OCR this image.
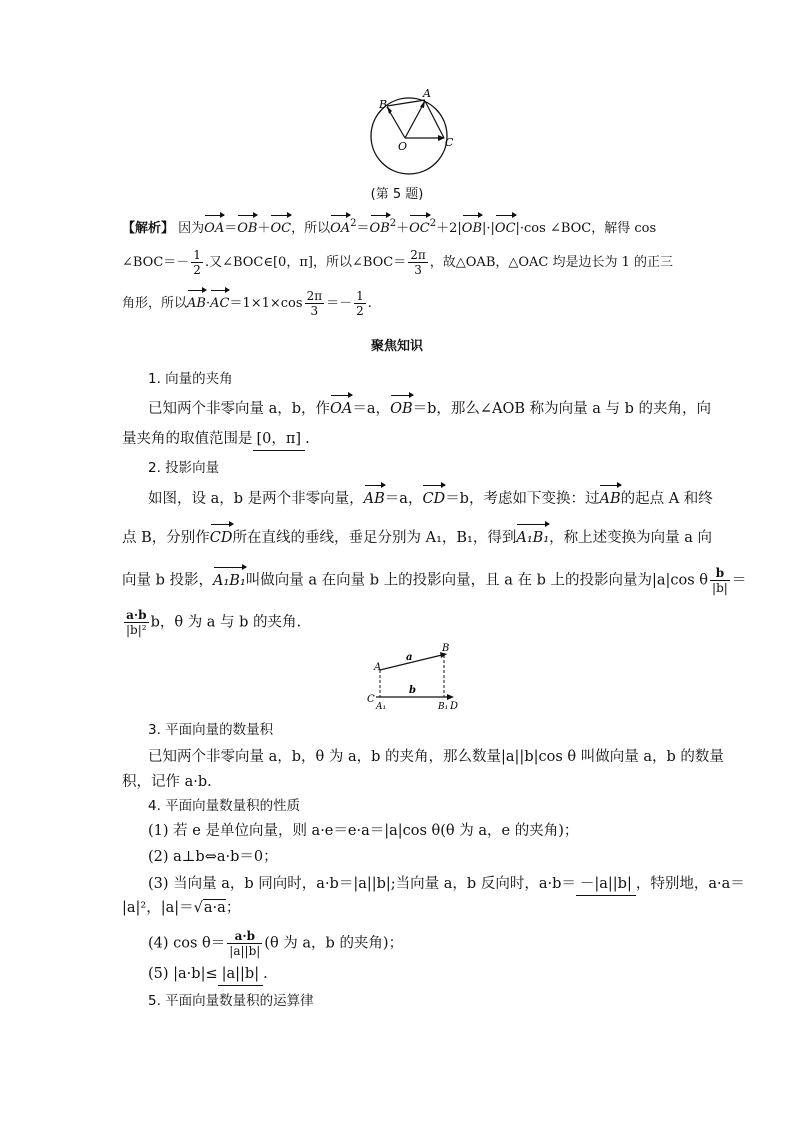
B
A
C
O
(第 5 题)
【解析】 因为OA＝OB＋OC，所以$OA^2=OB^2+OC^2+2|OB|\cdot|OC|\cdot\cos$ ∠BOC，解得 cos
∠BOC＝－ $\frac{1}{2}$ .又∠BOC∈[0，π]，所以∠BOC＝ $\frac{2\pi}{3}$ ，故△OAB，△OAC 均是边长为 1 的正三
角形，所以$AB\cdot AC=1\times 1\times\cos \frac{2\pi}{3} =- \frac{1}{2}$ .
聚焦知识
1. 向量的夹角
已知两个非零向量 a，b，作OA＝a，OB＝b，那么∠AOB 称为向量 a 与 b 的夹角，向
量夹角的取值范围是 [0，π] .
2. 投影向量
如图，设 a，b 是两个非零向量，AB＝a，CD＝b，考虑如下变换：过AB的起点 A 和终
点 B，分别作CD所在直线的垂线，垂足分别为 A₁，B₁，得到A₁B₁，称上述变换为向量 a 向
向量 b 投影，A₁B₁叫做向量 a 在向量 b 上的投影向量，且 a 在 b 上的投影向量为|a|cos θ $\frac{b}{|b|}$ ＝
$\frac{a\cdot b}{\text{|b|²}}$ b，θ 为 a 与 b 的夹角.
A
B
a
b
C
A₁	B₁ D
3. 平面向量的数量积
已知两个非零向量 a，b，θ 为 a，b 的夹角，那么数量|a||b|cos θ 叫做向量 a，b 的数量
积，记作 a·b.
4. 平面向量数量积的性质
(1) 若 e 是单位向量，则 a·e＝e·a＝|a|cos θ(θ 为 a，e 的夹角)；
(2) a⊥b⇔a·b＝0；
(3) 当向量 a，b 同向时，a·b＝|a||b|;当向量 a，b 反向时，a·b＝ －|a||b| ，特别地，a·a＝
|a|²，|a|＝√a·a；
(4) $\cos \theta= \frac{a\cdot b}{|a||b|} (\theta$ 为 a，b 的夹角)；
(5) |a·b|≤ |a||b| .
5. 平面向量数量积的运算律
